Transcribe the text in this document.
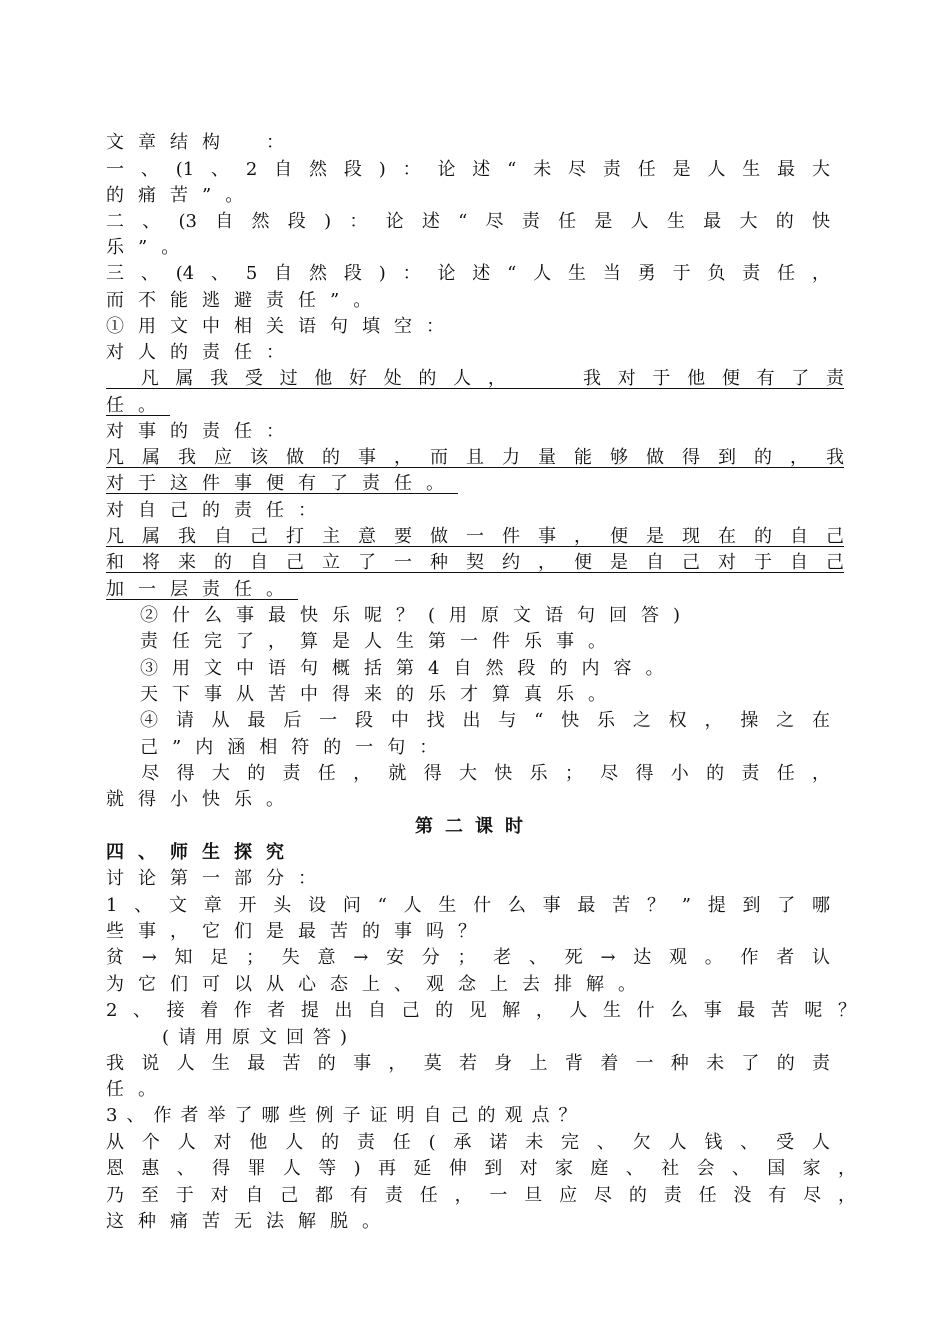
文章结构　：
一、(1、2自然段)：论述“未尽责任是人生最大
的痛苦”。
二、(3自然段)：论述“尽责任是人生最大的快
乐”。
三、(4、5自然段)：论述“人生当勇于负责任，
而不能逃避责任”。
①用文中相关语句填空：
对人的责任：
　凡属我受过他好处的人，　　我对于他便有了责
任。
对事的责任：
凡属我应该做的事，而且力量能够做得到的，我
对于这件事便有了责任。
对自己的责任：
凡属我自己打主意要做一件事，便是现在的自己
和将来的自己立了一种契约，便是自己对于自己
加一层责任。
②什么事最快乐呢？(用原文语句回答)
责任完了，算是人生第一件乐事。
③用文中语句概括第4自然段的内容。
天下事从苦中得来的乐才算真乐。
④请从最后一段中找出与“快乐之权，操之在
己”内涵相符的一句：
　尽得大的责任，就得大快乐；尽得小的责任，
就得小快乐。
第二课时
四、师生探究
讨论第一部分：
1、文章开头设问“人生什么事最苦？”提到了哪
些事，它们是最苦的事吗？
贫→知足；失意→安分；老、死→达观。作者认
为它们可以从心态上、观念上去排解。
2、接着作者提出自己的见解，人生什么事最苦呢？
(请用原文回答)
我说人生最苦的事，莫若身上背着一种未了的责
任。
3、作者举了哪些例子证明自己的观点？
从个人对他人的责任(承诺未完、欠人钱、受人
恩惠、得罪人等)再延伸到对家庭、社会、国家，
乃至于对自己都有责任，一旦应尽的责任没有尽，
这种痛苦无法解脱。
